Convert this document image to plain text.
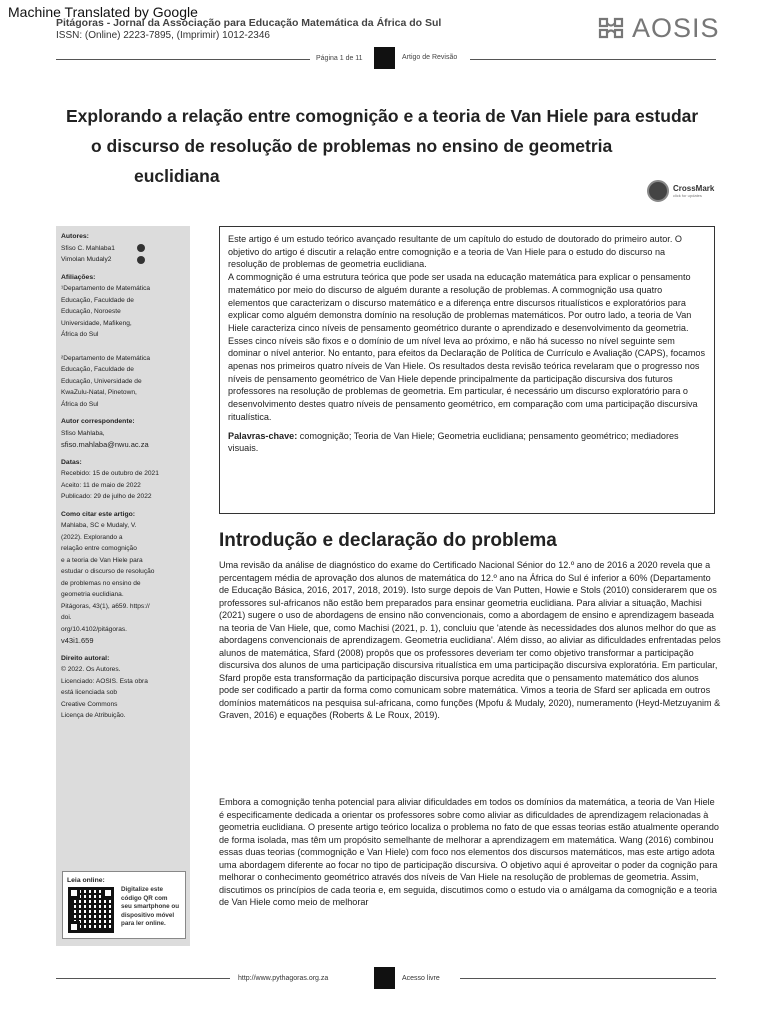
Machine Translated by Google
Pitágoras - Jornal da Associação para Educação Matemática da África do Sul
ISSN: (Online) 2223-7895, (Imprimir) 1012-2346	AOSIS
Página 1 de 11	Artigo de Revisão
Explorando a relação entre comognição e a teoria de Van Hiele para estudar
o discurso de resolução de problemas no ensino de geometria
euclidiana
CrossMark
click for updates
Autores:
Sfiso C. Mahlaba1
Vimolan Mudaly2
Afiliações:
¹Departamento de Matemática
Educação, Faculdade de
Educação, Noroeste
Universidade, Mafikeng,
África do Sul
²Departamento de Matemática
Educação, Faculdade de
Educação, Universidade de
KwaZulu-Natal, Pinetown,
África do Sul
Autor correspondente:
Sfiso Mahlaba,
sfiso.mahlaba@nwu.ac.za
Datas:
Recebido: 15 de outubro de 2021
Aceito: 11 de maio de 2022
Publicado: 29 de julho de 2022
Como citar este artigo:
Mahlaba, SC e Mudaly, V.
(2022). Explorando a
relação entre comognição
e a teoria de Van Hiele para
estudar o discurso de resolução
de problemas no ensino de
geometria euclidiana.
Pitágoras, 43(1), a659. https://
doi.
org/10.4102/pitágoras.
v43i1.659
Direito autoral:
© 2022. Os Autores.
Licenciado: AOSIS. Esta obra
está licenciada sob
Creative Commons
Licença de Atribuição.
Leia online:
Digitalize este
código QR com
seu smartphone ou
dispositivo móvel
para ler online.

Este artigo é um estudo teórico avançado resultante de um capítulo do estudo de doutorado do primeiro autor. O objetivo do artigo é discutir a relação entre comognição e a teoria de Van Hiele para o estudo do discurso na resolução de problemas de geometria euclidiana.

A commognição é uma estrutura teórica que pode ser usada na educação matemática para explicar o pensamento matemático por meio do discurso de alguém durante a resolução de problemas. A commognição usa quatro elementos que caracterizam o discurso matemático e a diferença entre discursos ritualísticos e exploratórios para explicar como alguém demonstra domínio na resolução de problemas matemáticos. Por outro lado, a teoria de Van Hiele caracteriza cinco níveis de pensamento geométrico durante o aprendizado e desenvolvimento da geometria. Esses cinco níveis são fixos e o domínio de um nível leva ao próximo, e não há sucesso no nível seguinte sem dominar o nível anterior. No entanto, para efeitos da Declaração de Política de Currículo e Avaliação (CAPS), focamos apenas nos primeiros quatro níveis de Van Hiele. Os resultados desta revisão teórica revelaram que o progresso nos níveis de pensamento geométrico de Van Hiele depende principalmente da participação discursiva dos futuros professores na resolução de problemas de geometria. Em particular, é necessário um discurso exploratório para o desenvolvimento destes quatro níveis de pensamento geométrico, em comparação com uma participação discursiva ritualística.

Palavras-chave: comognição; Teoria de Van Hiele; Geometria euclidiana; pensamento geométrico; mediadores visuais.

Introdução e declaração do problema

Uma revisão da análise de diagnóstico do exame do Certificado Nacional Sénior do 12.º ano de 2016 a 2020 revela que a percentagem média de aprovação dos alunos de matemática do 12.º ano na África do Sul é inferior a 60% (Departamento de Educação Básica, 2016, 2017, 2018, 2019). Isto surge depois de Van Putten, Howie e Stols (2010) considerarem que os professores sul-africanos não estão bem preparados para ensinar geometria euclidiana. Para aliviar a situação, Machisi (2021) sugere o uso de abordagens de ensino não convencionais, como a abordagem de ensino e aprendizagem baseada na teoria de Van Hiele, que, como Machisi (2021, p. 1), concluiu que 'atende às necessidades dos alunos melhor do que as abordagens convencionais de aprendizagem. Geometria euclidiana'. Além disso, ao aliviar as dificuldades enfrentadas pelos alunos de matemática, Sfard (2008) propôs que os professores deveriam ter como objetivo transformar a participação discursiva dos alunos de uma participação discursiva ritualística em uma participação discursiva exploratória. Em particular, Sfard propõe esta transformação da participação discursiva porque acredita que o pensamento matemático dos alunos pode ser codificado a partir da forma como comunicam sobre matemática. Vimos a teoria de Sfard ser aplicada em outros domínios matemáticos na pesquisa sul-africana, como funções (Mpofu & Mudaly, 2020), numeramento (Heyd-Metzuyanim & Graven, 2016) e equações (Roberts & Le Roux, 2019).

Embora a comognição tenha potencial para aliviar dificuldades em todos os domínios da matemática, a teoria de Van Hiele é especificamente dedicada a orientar os professores sobre como aliviar as dificuldades de aprendizagem relacionadas à geometria euclidiana. O presente artigo teórico localiza o problema no fato de que essas teorias estão atualmente operando de forma isolada, mas têm um propósito semelhante de melhorar a aprendizagem em matemática. Wang (2016) combinou essas duas teorias (commognição e Van Hiele) com foco nos elementos dos discursos matemáticos, mas este artigo adota uma abordagem diferente ao focar no tipo de participação discursiva. O objetivo aqui é aproveitar o poder da cognição para melhorar o conhecimento geométrico através dos níveis de Van Hiele na resolução de problemas de geometria. Assim, discutimos os princípios de cada teoria e, em seguida, discutimos como o estudo via o amálgama da comognição e a teoria de Van Hiele como meio de melhorar

http://www.pythagoras.org.za	Acesso livre
